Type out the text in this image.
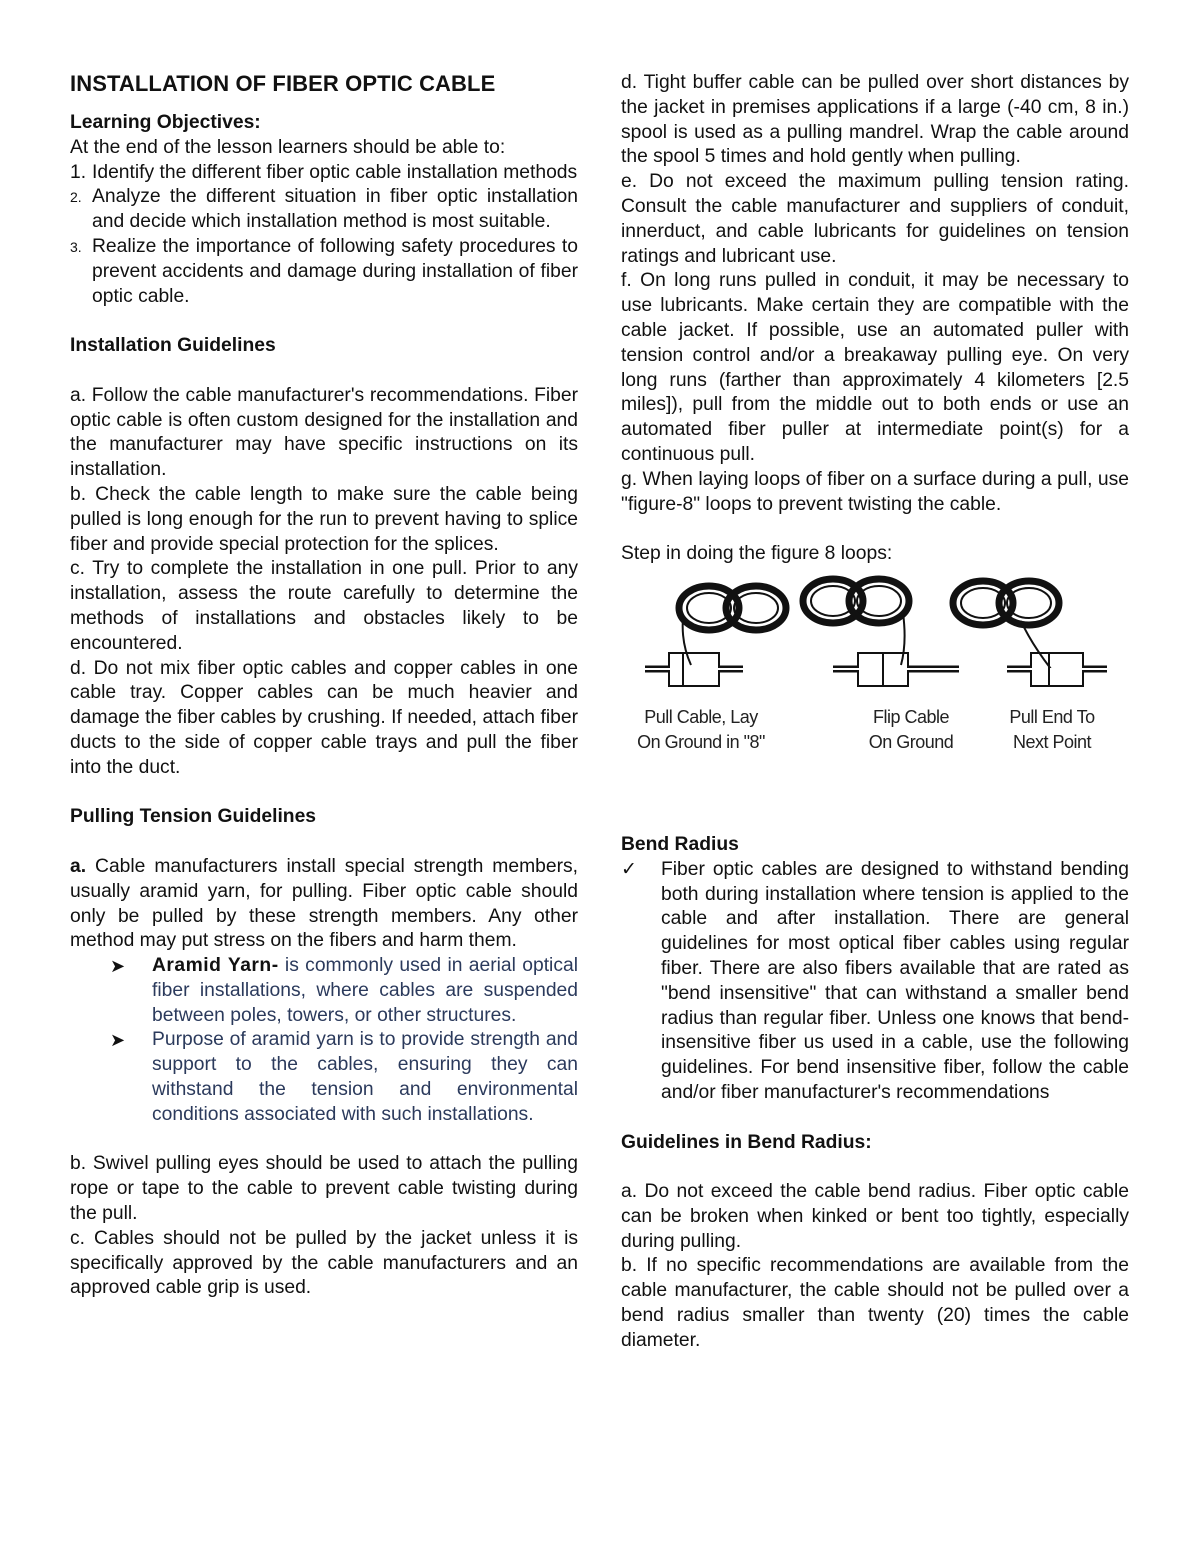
INSTALLATION OF FIBER OPTIC CABLE

Learning Objectives:

At the end of the lesson learners should be able to:

1. Identify the different fiber optic cable installation methods
2. Analyze the different situation in fiber optic installation and decide which installation method is most suitable.
3. Realize the importance of following safety procedures to prevent accidents and damage during installation of fiber optic cable.

Installation Guidelines

a. Follow the cable manufacturer's recommendations. Fiber optic cable is often custom designed for the installation and the manufacturer may have specific instructions on its installation.

b. Check the cable length to make sure the cable being pulled is long enough for the run to prevent having to splice fiber and provide special protection for the splices.

c. Try to complete the installation in one pull. Prior to any installation, assess the route carefully to determine the methods of installations and obstacles likely to be encountered.

d. Do not mix fiber optic cables and copper cables in one cable tray. Copper cables can be much heavier and damage the fiber cables by crushing. If needed, attach fiber ducts to the side of copper cable trays and pull the fiber into the duct.

Pulling Tension Guidelines

a. Cable manufacturers install special strength members, usually aramid yarn, for pulling. Fiber optic cable should only be pulled by these strength members. Any other method may put stress on the fibers and harm them.

➤	Aramid Yarn- is commonly used in aerial optical fiber installations, where cables are suspended between poles, towers, or other structures.
➤	Purpose of aramid yarn is to provide strength and support to the cables, ensuring they can withstand the tension and environmental conditions associated with such installations.

b. Swivel pulling eyes should be used to attach the pulling rope or tape to the cable to prevent cable twisting during the pull.

c. Cables should not be pulled by the jacket unless it is specifically approved by the cable manufacturers and an approved cable grip is used.

d. Tight buffer cable can be pulled over short distances by the jacket in premises applications if a large (-40 cm, 8 in.) spool is used as a pulling mandrel. Wrap the cable around the spool 5 times and hold gently when pulling.

e. Do not exceed the maximum pulling tension rating. Consult the cable manufacturer and suppliers of conduit, innerduct, and cable lubricants for guidelines on tension ratings and lubricant use.

f. On long runs pulled in conduit, it may be necessary to use lubricants. Make certain they are compatible with the cable jacket. If possible, use an automated puller with tension control and/or a breakaway pulling eye. On very long runs (farther than approximately 4 kilometers [2.5 miles]), pull from the middle out to both ends or use an automated fiber puller at intermediate point(s) for a continuous pull.

g. When laying loops of fiber on a surface during a pull, use "figure-8" loops to prevent twisting the cable.

Step in doing the figure 8 loops:

Pull Cable, Lay
On Ground in "8"
Flip Cable
On Ground
Pull End To
Next Point

Bend Radius

✓	Fiber optic cables are designed to withstand bending both during installation where tension is applied to the cable and after installation. There are general guidelines for most optical fiber cables using regular fiber. There are also fibers available that are rated as "bend insensitive" that can withstand a smaller bend radius than regular fiber. Unless one knows that bend-insensitive fiber us used in a cable, use the following guidelines. For bend insensitive fiber, follow the cable and/or fiber manufacturer's recommendations

Guidelines in Bend Radius:

a. Do not exceed the cable bend radius. Fiber optic cable can be broken when kinked or bent too tightly, especially during pulling.

b. If no specific recommendations are available from the cable manufacturer, the cable should not be pulled over a bend radius smaller than twenty (20) times the cable diameter.
